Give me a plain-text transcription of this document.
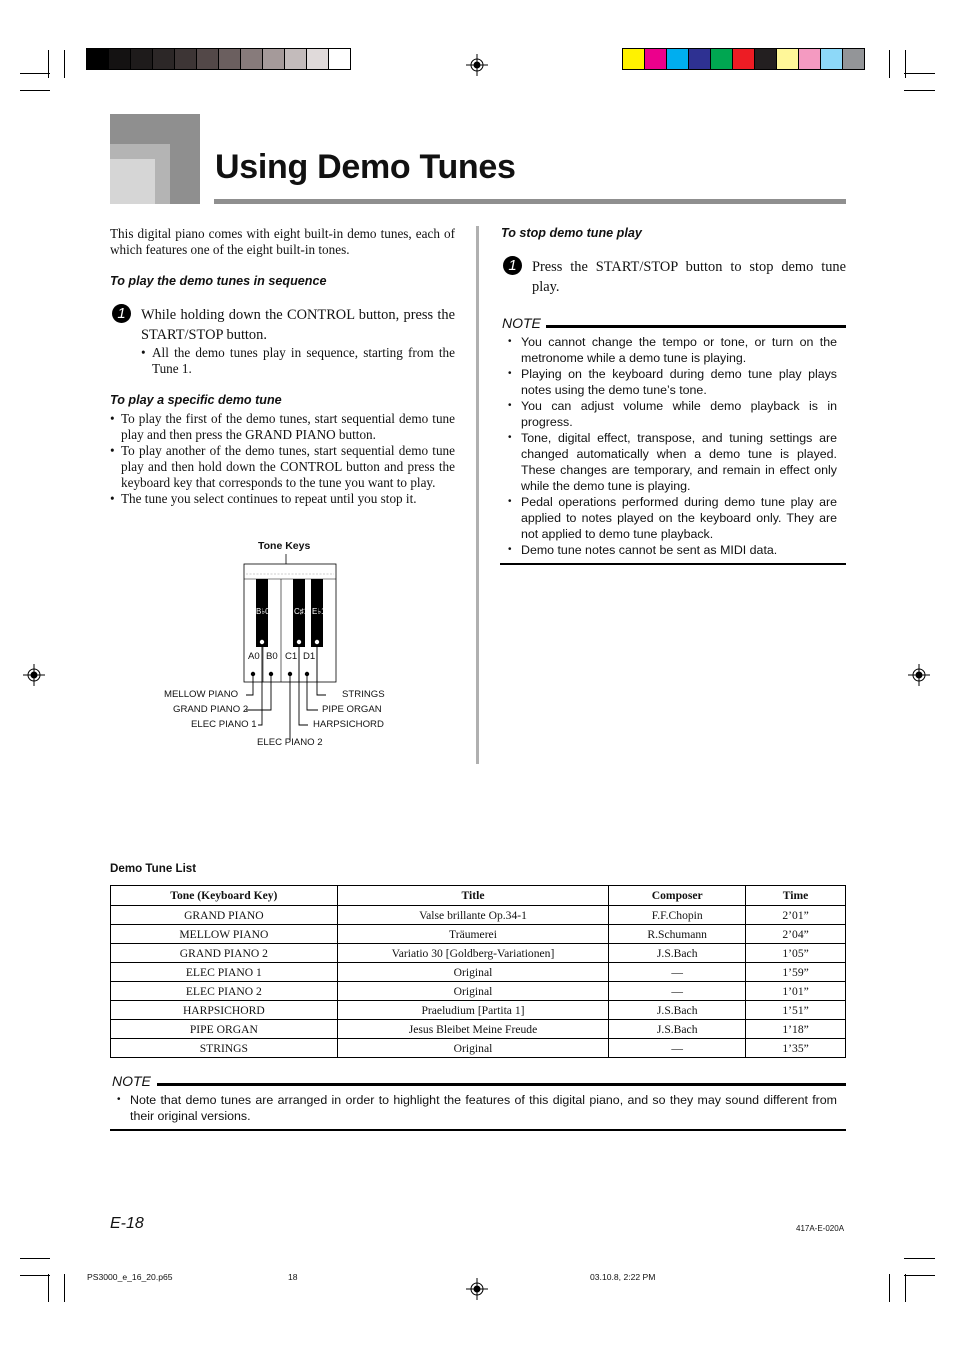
Using Demo Tunes
This digital piano comes with eight built-in demo tunes, each of which features one of the eight built-in tones.
To play the demo tunes in sequence
1	While holding down the CONTROL button, press the START/STOP button.
• All the demo tunes play in sequence, starting from the Tune 1.
To play a specific demo tune
• To play the first of the demo tunes, start sequential demo tune play and then press the GRAND PIANO button.
• To play another of the demo tunes, start sequential demo tune play and then hold down the CONTROL button and press the keyboard key that corresponds to the tune you want to play.
• The tune you select continues to repeat until you stop it.
Tone Keys
B♭0	C♯1 E♭1
A0 B0 C1 D1
MELLOW PIANO
GRAND PIANO 2
ELEC PIANO 1
STRINGS
PIPE ORGAN
HARPSICHORD
ELEC PIANO 2
To stop demo tune play
1	Press the START/STOP button to stop demo tune play.
NOTE
• You cannot change the tempo or tone, or turn on the metronome while a demo tune is playing.
• Playing on the keyboard during demo tune play plays notes using the demo tune’s tone.
• You can adjust volume while demo playback is in progress.
• Tone, digital effect, transpose, and tuning settings are changed automatically when a demo tune is played. These changes are temporary, and remain in effect only while the demo tune is playing.
• Pedal operations performed during demo tune play are applied to notes played on the keyboard only. They are not applied to demo tune playback.
• Demo tune notes cannot be sent as MIDI data.
Demo Tune List
Tone (Keyboard Key)	Title	Composer	Time
GRAND PIANO	Valse brillante Op.34-1	F.F.Chopin	2’01”
MELLOW PIANO	Träumerei	R.Schumann	2’04”
GRAND PIANO 2	Variatio 30 [Goldberg-Variationen]	J.S.Bach	1’05”
ELEC PIANO 1	Original	—	1’59”
ELEC PIANO 2	Original	—	1’01”
HARPSICHORD	Praeludium [Partita 1]	J.S.Bach	1’51”
PIPE ORGAN	Jesus Bleibet Meine Freude	J.S.Bach	1’18”
STRINGS	Original	—	1’35”
NOTE
• Note that demo tunes are arranged in order to highlight the features of this digital piano, and so they may sound different from their original versions.
E-18	417A-E-020A
PS3000_e_16_20.p65	18	03.10.8, 2:22 PM
